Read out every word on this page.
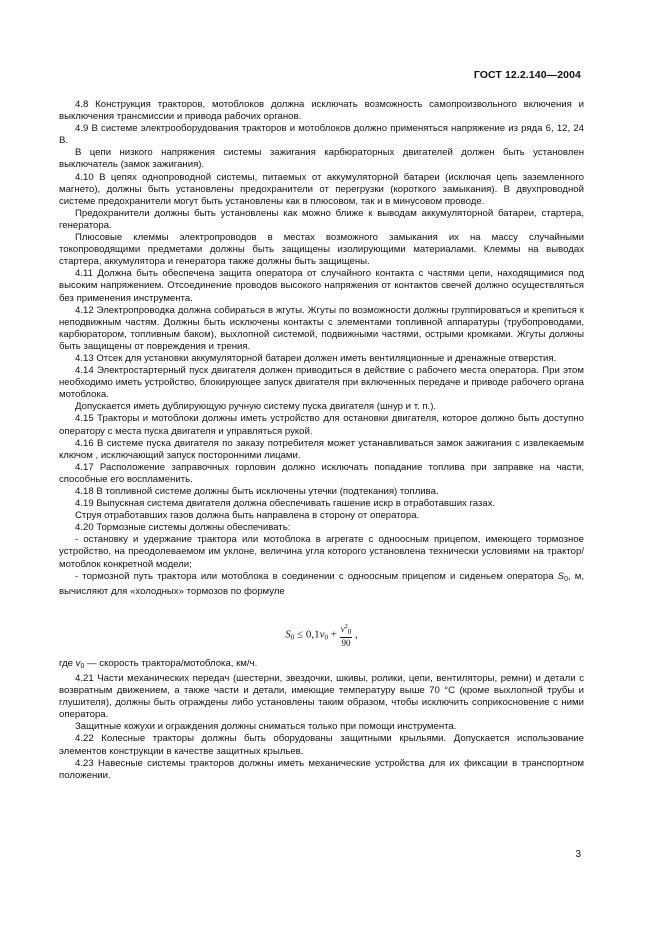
ГОСТ 12.2.140—2004

4.8 Конструкция тракторов, мотоблоков должна исключать возможность самопроизвольного включения и выключения трансмиссии и привода рабочих органов.

4.9 В системе электрооборудования тракторов и мотоблоков должно применяться напряжение из ряда 6, 12, 24 В.

В цепи низкого напряжения системы зажигания карбюраторных двигателей должен быть установлен выключатель (замок зажигания).

4.10 В цепях однопроводной системы, питаемых от аккумуляторной батареи (исключая цепь заземленного магнето), должны быть установлены предохранители от перегрузки (короткого замыкания). В двухпроводной системе предохранители могут быть установлены как в плюсовом, так и в минусовом проводе.

Предохранители должны быть установлены как можно ближе к выводам аккумуляторной батареи, стартера, генератора.

Плюсовые клеммы электропроводов в местах возможного замыкания их на массу случайными токопроводящими предметами должны быть защищены изолирующими материалами. Клеммы на выводах стартера, аккумулятора и генератора также должны быть защищены.

4.11 Должна быть обеспечена защита оператора от случайного контакта с частями цепи, находящимися под высоким напряжением. Отсоединение проводов высокого напряжения от контактов свечей должно осуществляться без применения инструмента.

4.12 Электропроводка должна собираться в жгуты. Жгуты по возможности должны группироваться и крепиться к неподвижным частям. Должны быть исключены контакты с элементами топливной аппаратуры (трубопроводами, карбюратором, топливным баком), выхлопной системой, подвижными частями, острыми кромками. Жгуты должны быть защищены от повреждения и трения.

4.13 Отсек для установки аккумуляторной батареи должен иметь вентиляционные и дренажные отверстия.

4.14 Электростартерный пуск двигателя должен приводиться в действие с рабочего места оператора. При этом необходимо иметь устройство, блокирующее запуск двигателя при включенных передаче и приводе рабочего органа мотоблока.

Допускается иметь дублирующую ручную систему пуска двигателя (шнур и т. п.).

4.15 Тракторы и мотоблоки должны иметь устройство для остановки двигателя, которое должно быть доступно оператору с места пуска двигателя и управляться рукой.

4.16 В системе пуска двигателя по заказу потребителя может устанавливаться замок зажигания с извлекаемым ключом , исключающий запуск посторонними лицами.

4.17 Расположение заправочных горловин должно исключать попадание топлива при заправке на части, способные его воспламенить.

4.18 В топливной системе должны быть исключены утечки (подтекания) топлива.

4.19 Выпускная система двигателя должна обеспечивать гашение искр в отработавших газах.

Струя отработавших газов должна быть направлена в сторону от оператора.

4.20 Тормозные системы должны обеспечивать:

- остановку и удержание трактора или мотоблока в агрегате с одноосным прицепом, имеющего тормозное устройство, на преодолеваемом им уклоне, величина угла которого установлена технически условиями на трактор/мотоблок конкретной модели;

- тормозной путь трактора или мотоблока в соединении с одноосным прицепом и сиденьем оператора $S_0$, м, вычисляют для «холодных» тормозов по формуле

$S_0 \le 0,1v_0 + \frac{v^2_0}{90}$ ,

где $v_0$ — скорость трактора/мотоблока, км/ч.

4.21 Части механических передач (шестерни, звездочки, шкивы, ролики, цепи, вентиляторы, ремни) и детали с возвратным движением, а также части и детали, имеющие температуру выше 70 °С (кроме выхлопной трубы и глушителя), должны быть ограждены либо установлены таким образом, чтобы исключить соприкосновение с ними оператора.

Защитные кожухи и ограждения должны сниматься только при помощи инструмента.

4.22 Колесные тракторы должны быть оборудованы защитными крыльями. Допускается использование элементов конструкции в качестве защитных крыльев.

4.23 Навесные системы тракторов должны иметь механические устройства для их фиксации в транспортном положении.

3
